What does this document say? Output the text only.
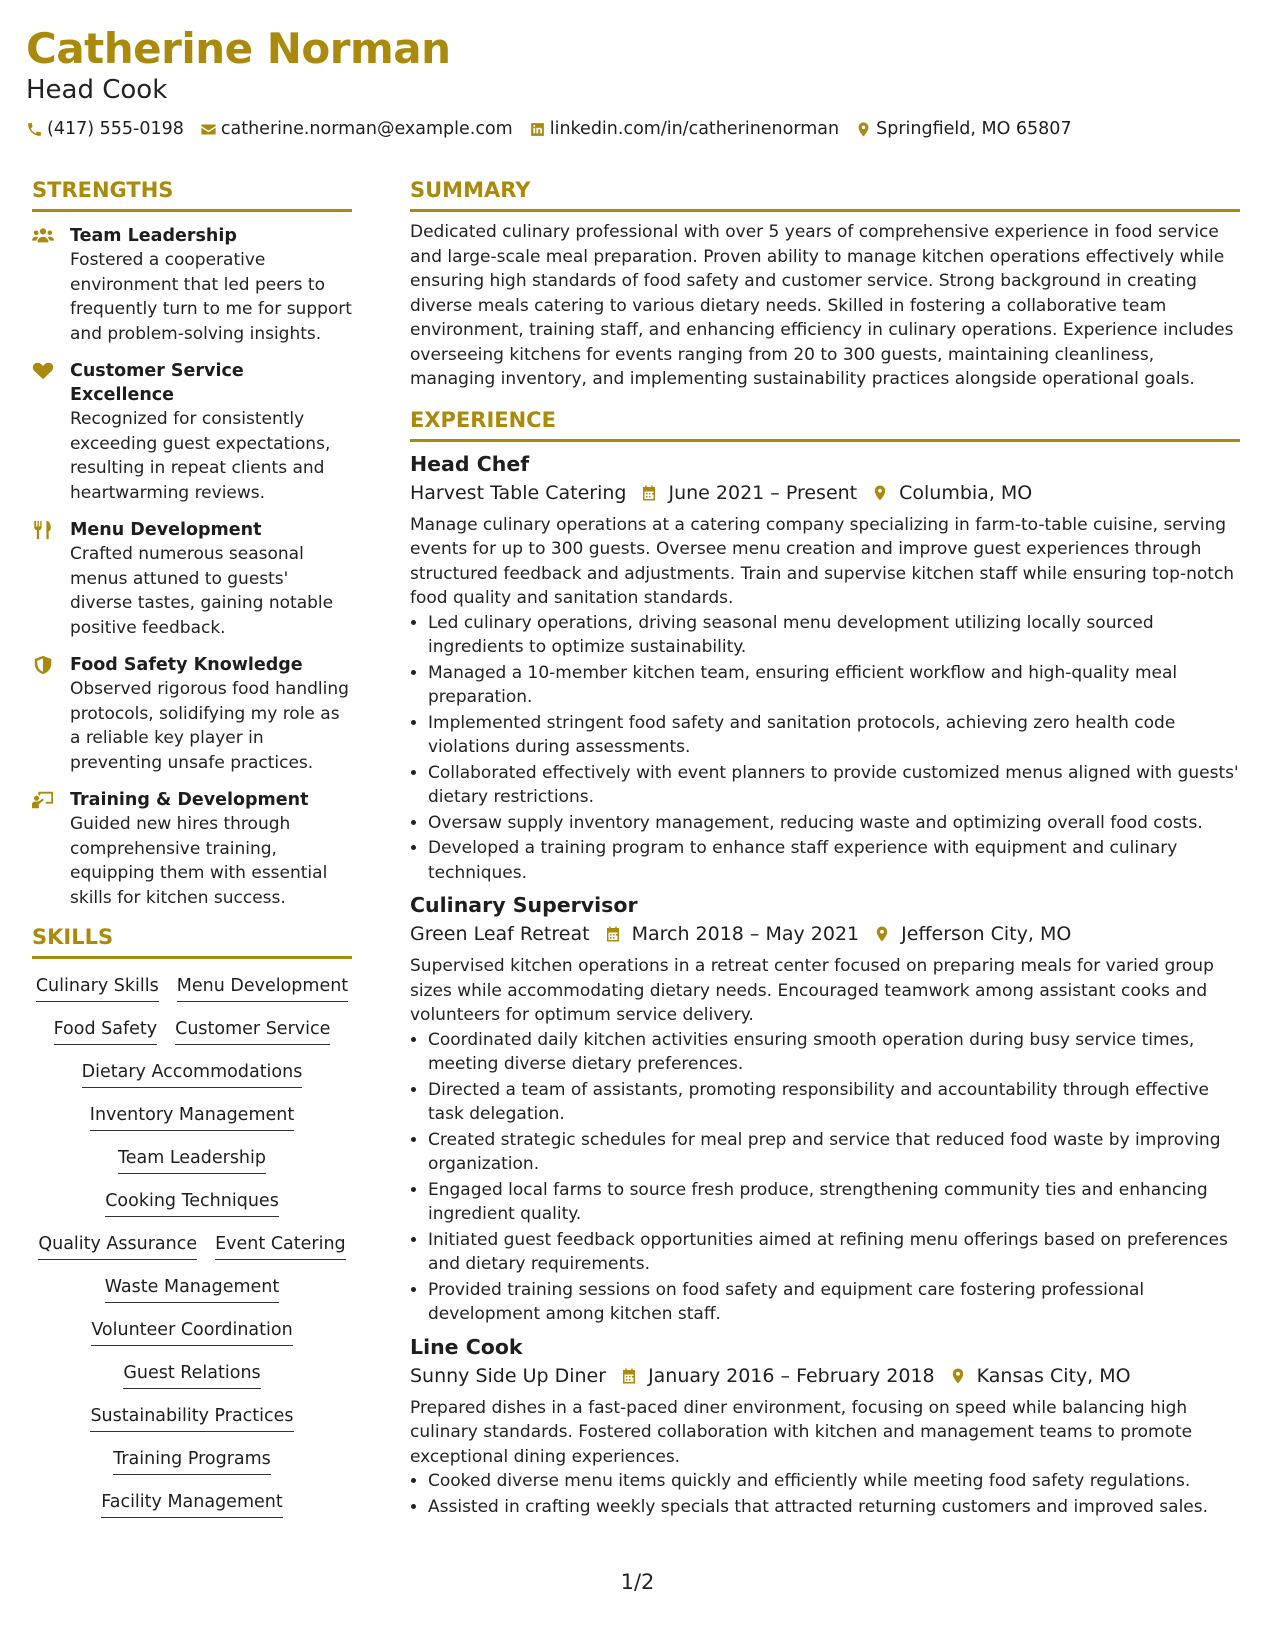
Catherine Norman
Head Cook
(417) 555-0198 catherine.norman@example.com linkedin.com/in/catherinenorman Springfield, MO 65807
STRENGTHS
Team Leadership
Fostered a cooperative environment that led peers to frequently turn to me for support and problem-solving insights.
Customer Service Excellence
Recognized for consistently exceeding guest expectations, resulting in repeat clients and heartwarming reviews.
Menu Development
Crafted numerous seasonal menus attuned to guests' diverse tastes, gaining notable positive feedback.
Food Safety Knowledge
Observed rigorous food handling protocols, solidifying my role as a reliable key player in preventing unsafe practices.
Training & Development
Guided new hires through comprehensive training, equipping them with essential skills for kitchen success.
SKILLS
Culinary Skills Menu Development
Food Safety Customer Service
Dietary Accommodations
Inventory Management
Team Leadership
Cooking Techniques
Quality Assurance Event Catering
Waste Management
Volunteer Coordination
Guest Relations
Sustainability Practices
Training Programs
Facility Management
SUMMARY
Dedicated culinary professional with over 5 years of comprehensive experience in food service and large-scale meal preparation. Proven ability to manage kitchen operations effectively while ensuring high standards of food safety and customer service. Strong background in creating diverse meals catering to various dietary needs. Skilled in fostering a collaborative team environment, training staff, and enhancing efficiency in culinary operations. Experience includes overseeing kitchens for events ranging from 20 to 300 guests, maintaining cleanliness, managing inventory, and implementing sustainability practices alongside operational goals.
EXPERIENCE
Head Chef
Harvest Table Catering June 2021 – Present Columbia, MO
Manage culinary operations at a catering company specializing in farm-to-table cuisine, serving events for up to 300 guests. Oversee menu creation and improve guest experiences through structured feedback and adjustments. Train and supervise kitchen staff while ensuring top-notch food quality and sanitation standards.
• Led culinary operations, driving seasonal menu development utilizing locally sourced ingredients to optimize sustainability.
• Managed a 10-member kitchen team, ensuring efficient workflow and high-quality meal preparation.
• Implemented stringent food safety and sanitation protocols, achieving zero health code violations during assessments.
• Collaborated effectively with event planners to provide customized menus aligned with guests' dietary restrictions.
• Oversaw supply inventory management, reducing waste and optimizing overall food costs.
• Developed a training program to enhance staff experience with equipment and culinary techniques.
Culinary Supervisor
Green Leaf Retreat March 2018 – May 2021 Jefferson City, MO
Supervised kitchen operations in a retreat center focused on preparing meals for varied group sizes while accommodating dietary needs. Encouraged teamwork among assistant cooks and volunteers for optimum service delivery.
• Coordinated daily kitchen activities ensuring smooth operation during busy service times, meeting diverse dietary preferences.
• Directed a team of assistants, promoting responsibility and accountability through effective task delegation.
• Created strategic schedules for meal prep and service that reduced food waste by improving organization.
• Engaged local farms to source fresh produce, strengthening community ties and enhancing ingredient quality.
• Initiated guest feedback opportunities aimed at refining menu offerings based on preferences and dietary requirements.
• Provided training sessions on food safety and equipment care fostering professional development among kitchen staff.
Line Cook
Sunny Side Up Diner January 2016 – February 2018 Kansas City, MO
Prepared dishes in a fast-paced diner environment, focusing on speed while balancing high culinary standards. Fostered collaboration with kitchen and management teams to promote exceptional dining experiences.
• Cooked diverse menu items quickly and efficiently while meeting food safety regulations.
• Assisted in crafting weekly specials that attracted returning customers and improved sales.
1/2
